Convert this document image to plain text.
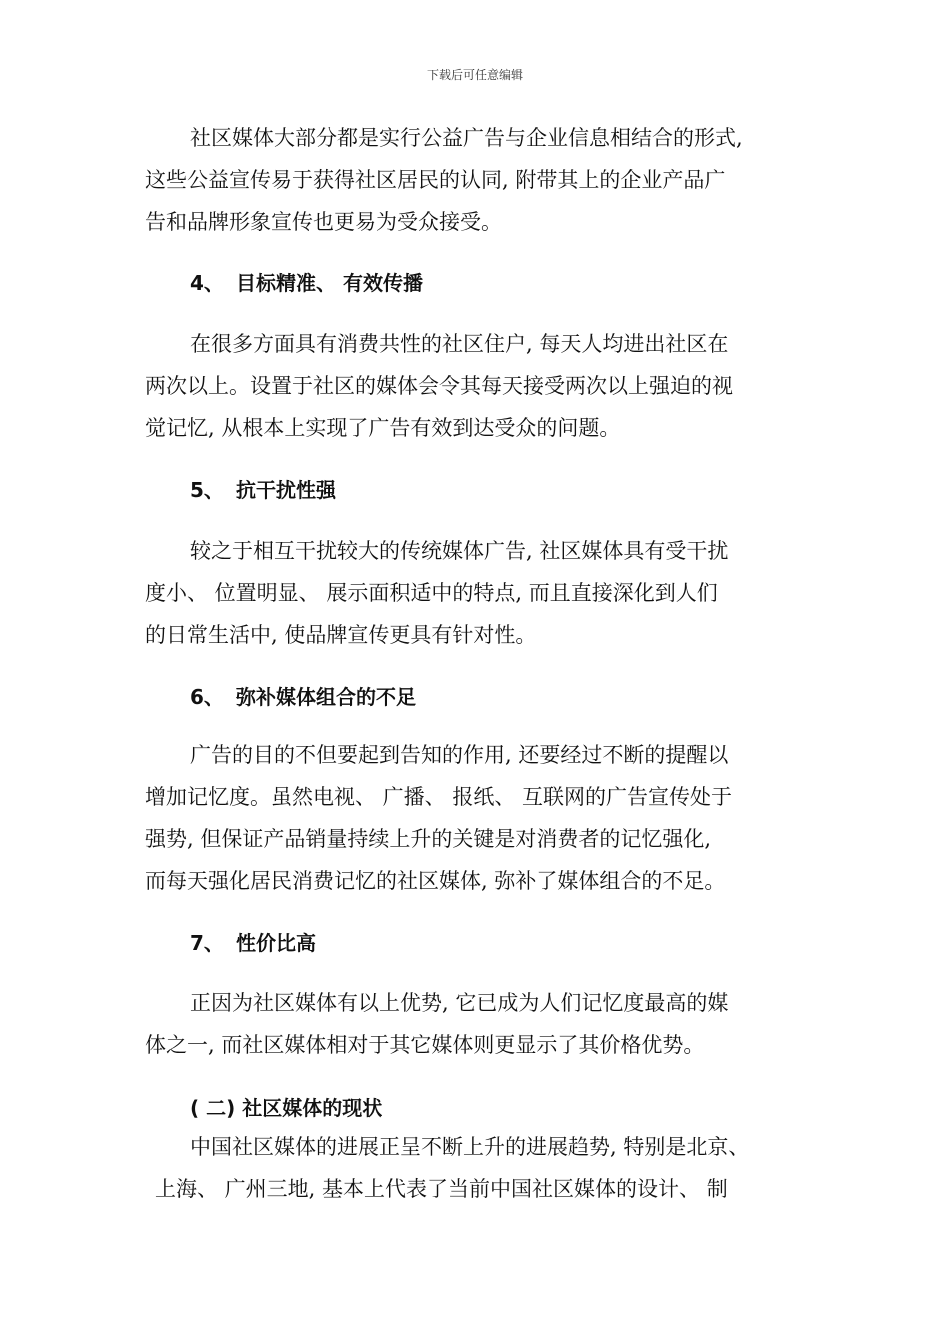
下载后可任意编辑
社区媒体大部分都是实行公益广告与企业信息相结合的形式,
这些公益宣传易于获得社区居民的认同, 附带其上的企业产品广
告和品牌形象宣传也更易为受众接受。
4、 目标精准、 有效传播
在很多方面具有消费共性的社区住户, 每天人均进出社区在
两次以上。设置于社区的媒体会令其每天接受两次以上强迫的视
觉记忆, 从根本上实现了广告有效到达受众的问题。
5、 抗干扰性强
较之于相互干扰较大的传统媒体广告, 社区媒体具有受干扰
度小、 位置明显、 展示面积适中的特点, 而且直接深化到人们
的日常生活中, 使品牌宣传更具有针对性。
6、 弥补媒体组合的不足
广告的目的不但要起到告知的作用, 还要经过不断的提醒以
增加记忆度。虽然电视、 广播、 报纸、 互联网的广告宣传处于
强势, 但保证产品销量持续上升的关键是对消费者的记忆强化,
而每天强化居民消费记忆的社区媒体, 弥补了媒体组合的不足。
7、 性价比高
正因为社区媒体有以上优势, 它已成为人们记忆度最高的媒
体之一, 而社区媒体相对于其它媒体则更显示了其价格优势。
( 二) 社区媒体的现状
中国社区媒体的进展正呈不断上升的进展趋势, 特别是北京、
上海、 广州三地, 基本上代表了当前中国社区媒体的设计、 制
